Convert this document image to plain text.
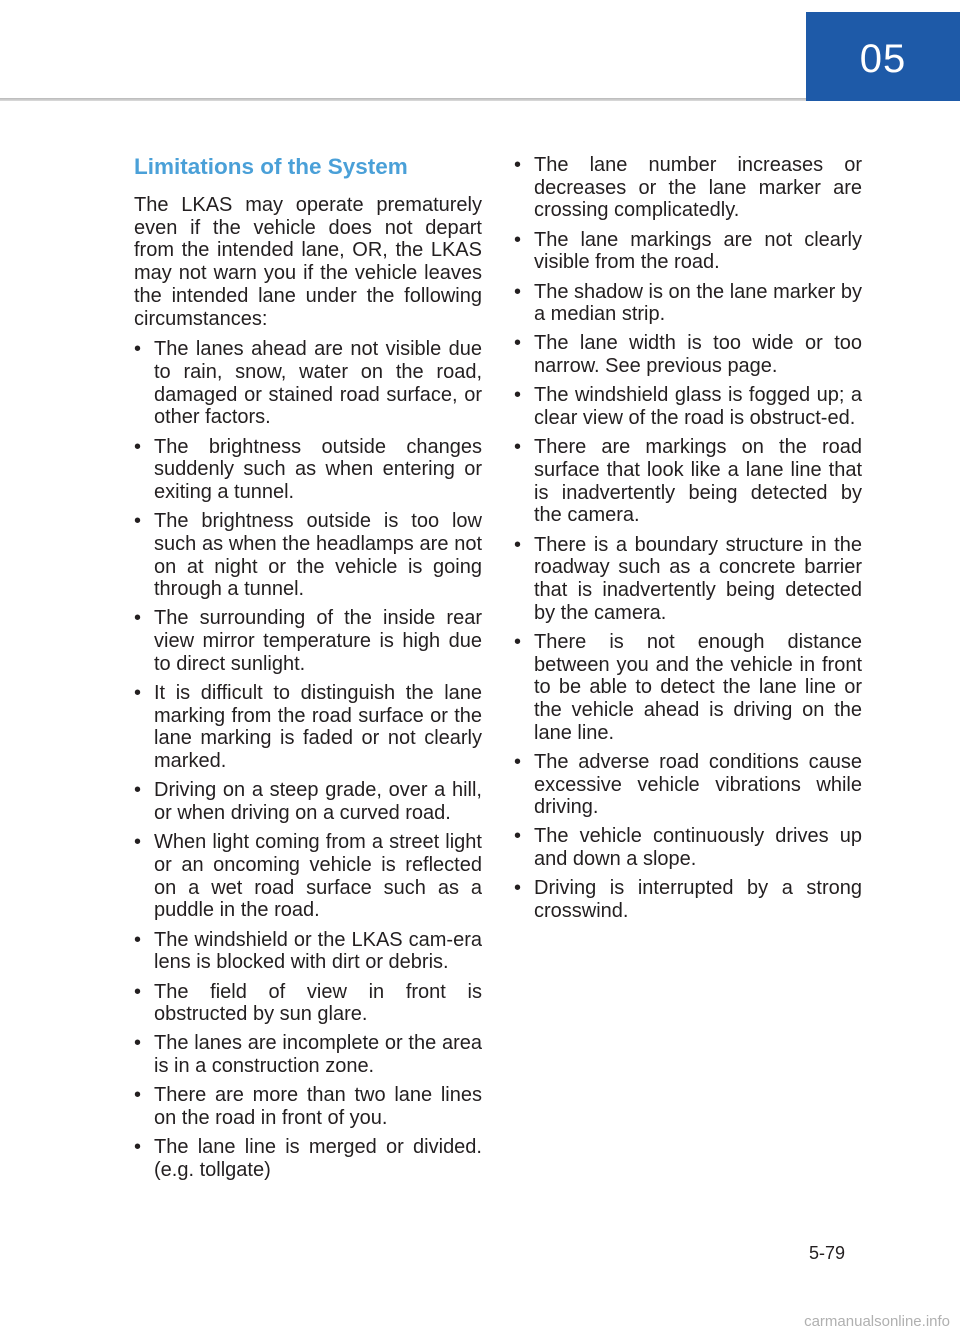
05
Limitations of the System

The LKAS may operate prematurely even if the vehicle does not depart from the intended lane, OR, the LKAS may not warn you if the vehicle leaves the intended lane under the following circumstances:

• The lanes ahead are not visible due to rain, snow, water on the road, damaged or stained road surface, or other factors.
• The brightness outside changes suddenly such as when entering or exiting a tunnel.
• The brightness outside is too low such as when the headlamps are not on at night or the vehicle is going through a tunnel.
• The surrounding of the inside rear view mirror temperature is high due to direct sunlight.
• It is difficult to distinguish the lane marking from the road surface or the lane marking is faded or not clearly marked.
• Driving on a steep grade, over a hill, or when driving on a curved road.
• When light coming from a street light or an oncoming vehicle is reflected on a wet road surface such as a puddle in the road.
• The windshield or the LKAS cam-era lens is blocked with dirt or debris.
• The field of view in front is obstructed by sun glare.
• The lanes are incomplete or the area is in a construction zone.
• There are more than two lane lines on the road in front of you.
• The lane line is merged or divided. (e.g. tollgate)
• The lane number increases or decreases or the lane marker are crossing complicatedly.
• The lane markings are not clearly visible from the road.
• The shadow is on the lane marker by a median strip.
• The lane width is too wide or too narrow. See previous page.
• The windshield glass is fogged up; a clear view of the road is obstruct-ed.
• There are markings on the road surface that look like a lane line that is inadvertently being detected by the camera.
• There is a boundary structure in the roadway such as a concrete barrier that is inadvertently being detected by the camera.
• There is not enough distance between you and the vehicle in front to be able to detect the lane line or the vehicle ahead is driving on the lane line.
• The adverse road conditions cause excessive vehicle vibrations while driving.
• The vehicle continuously drives up and down a slope.
• Driving is interrupted by a strong crosswind.
5-79
carmanualsonline.info
